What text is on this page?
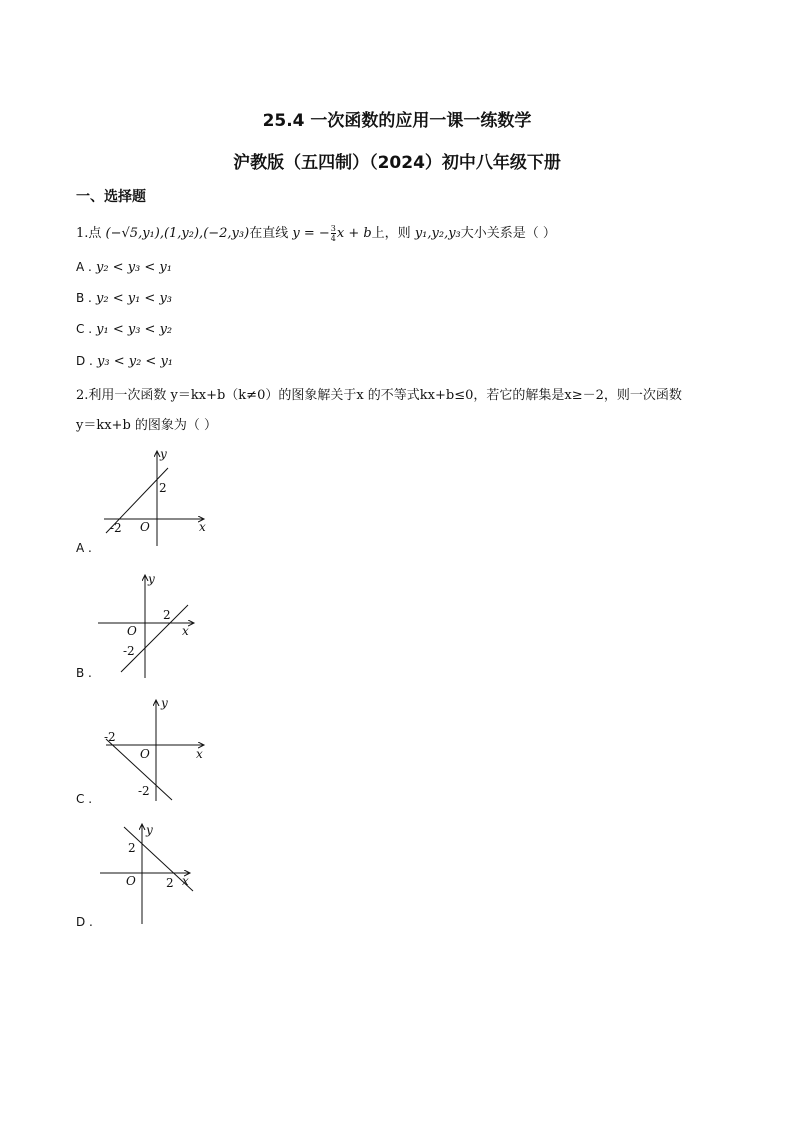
25.4 一次函数的应用一课一练数学
沪教版（五四制）（2024）初中八年级下册
一、选择题
1.点 (−√5,y₁),(1,y₂),(−2,y₃)在直线 y = − $\frac{3}{4}$ x + b上，则 y₁,y₂,y₃大小关系是（ ）
A . y₂ < y₃ < y₁
B . y₂ < y₁ < y₃
C . y₁ < y₃ < y₂
D . y₃ < y₂ < y₁
2.利用一次函数 y＝kx+b（k≠0）的图象解关于x 的不等式kx+b≤0，若它的解集是x≥－2，则一次函数
y＝kx+b 的图象为（ ）
x
y
O
-2
2
A .
x
y
O
2
-2
B .
x
y
O
-2
-2
C .
x
y
O	2
2
D .
